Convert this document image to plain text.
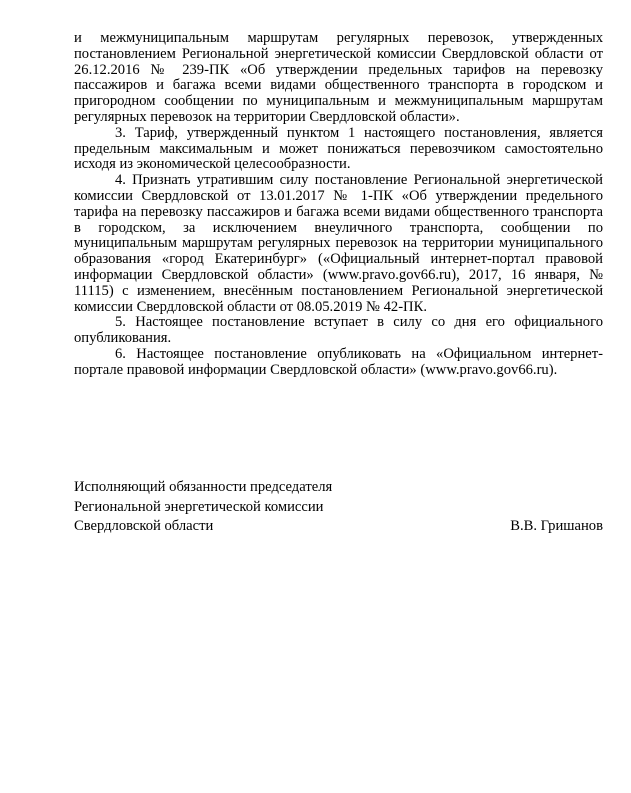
и межмуниципальным маршрутам регулярных перевозок, утвержденных постановлением Региональной энергетической комиссии Свердловской области от 26.12.2016 № 239-ПК «Об утверждении предельных тарифов на перевозку пассажиров и багажа всеми видами общественного транспорта в городском и пригородном сообщении по муниципальным и межмуниципальным маршрутам регулярных перевозок на территории Свердловской области».

3. Тариф, утвержденный пунктом 1 настоящего постановления, является предельным максимальным и может понижаться перевозчиком самостоятельно исходя из экономической целесообразности.

4. Признать утратившим силу постановление Региональной энергетической комиссии Свердловской от 13.01.2017 № 1-ПК «Об утверждении предельного тарифа на перевозку пассажиров и багажа всеми видами общественного транспорта в городском, за исключением внеуличного транспорта, сообщении по муниципальным маршрутам регулярных перевозок на территории муниципального образования «город Екатеринбург» («Официальный интернет-портал правовой информации Свердловской области» (www.pravo.gov66.ru), 2017, 16 января, № 11115) с изменением, внесённым постановлением Региональной энергетической комиссии Свердловской области от 08.05.2019 № 42-ПК.

5. Настоящее постановление вступает в силу со дня его официального опубликования.

6. Настоящее постановление опубликовать на «Официальном интернет-портале правовой информации Свердловской области» (www.pravo.gov66.ru).

Исполняющий обязанности председателя
Региональной энергетической комиссии
Свердловской области	В.В. Гришанов
